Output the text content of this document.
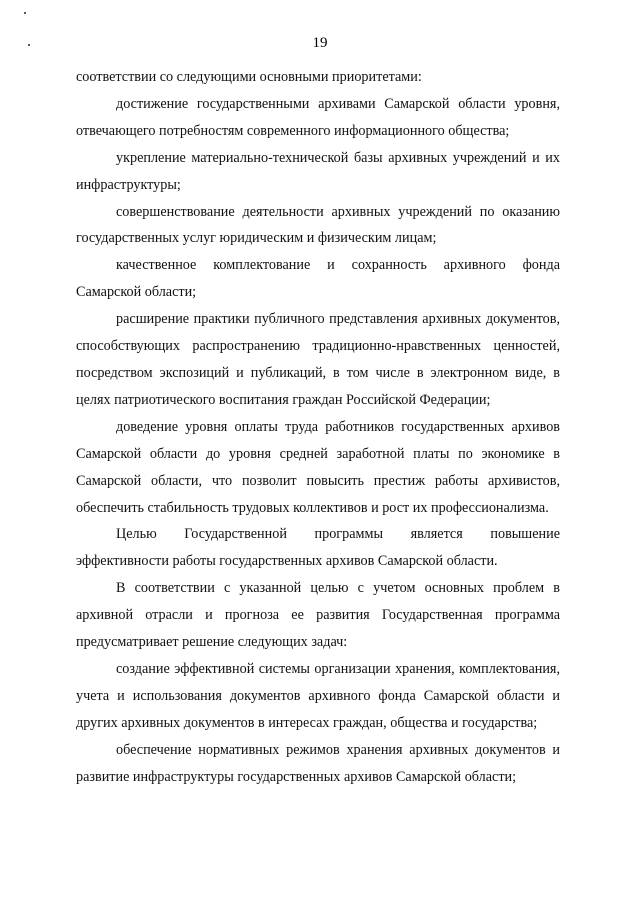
19

соответствии со следующими основными приоритетами:

достижение государственными архивами Самарской области уровня, отвечающего потребностям современного информационного общества;

укрепление материально-технической базы архивных учреждений и их инфраструктуры;

совершенствование деятельности архивных учреждений по оказанию государственных услуг юридическим и физическим лицам;

качественное комплектование и сохранность архивного фонда Самарской области;

расширение практики публичного представления архивных документов, способствующих распространению традиционно-нравственных ценностей, посредством экспозиций и публикаций, в том числе в электронном виде, в целях патриотического воспитания граждан Российской Федерации;

доведение уровня оплаты труда работников государственных архивов Самарской области до уровня средней заработной платы по экономике в Самарской области, что позволит повысить престиж работы архивистов, обеспечить стабильность трудовых коллективов и рост их профессионализма.

Целью Государственной программы является повышение эффективности работы государственных архивов Самарской области.

В соответствии с указанной целью с учетом основных проблем в архивной отрасли и прогноза ее развития Государственная программа предусматривает решение следующих задач:

создание эффективной системы организации хранения, комплектования, учета и использования документов архивного фонда Самарской области и других архивных документов в интересах граждан, общества и государства;

обеспечение нормативных режимов хранения архивных документов и развитие инфраструктуры государственных архивов Самарской области;
